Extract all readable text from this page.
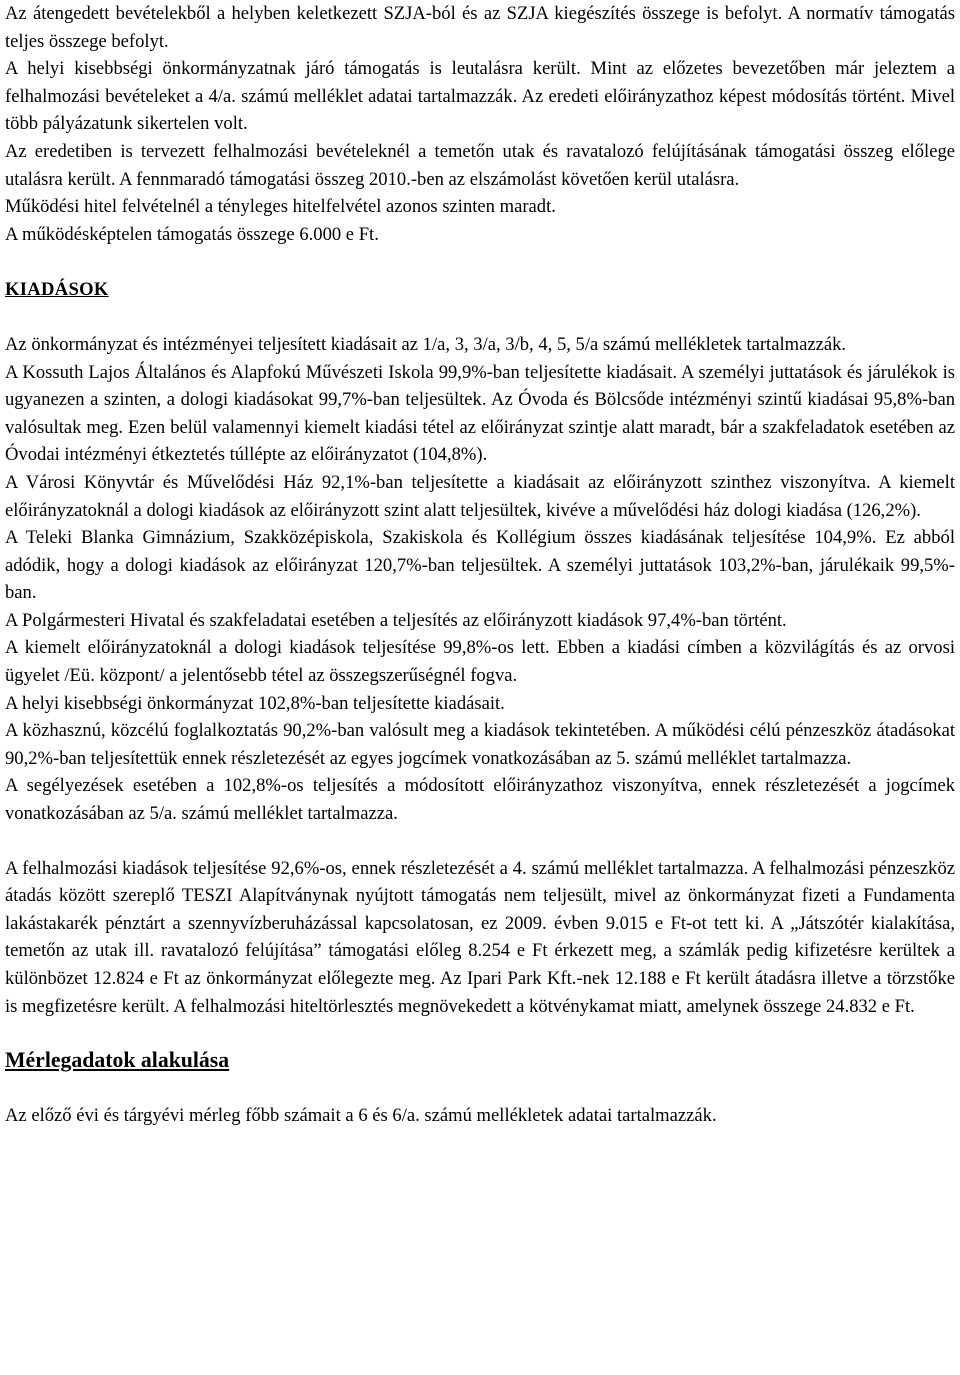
Az átengedett bevételekből a helyben keletkezett SZJA-ból és az SZJA kiegészítés összege is befolyt. A normatív támogatás teljes összege befolyt.

A helyi kisebbségi önkormányzatnak járó támogatás is leutalásra került. Mint az előzetes bevezetőben már jeleztem a felhalmozási bevételeket a 4/a. számú melléklet adatai tartalmazzák. Az eredeti előirányzathoz képest módosítás történt. Mivel több pályázatunk sikertelen volt.

Az eredetiben is tervezett felhalmozási bevételeknél a temetőn utak és ravatalozó felújításának támogatási összeg előlege utalásra került. A fennmaradó támogatási összeg 2010.-ben az elszámolást követően kerül utalásra.

Működési hitel felvételnél a tényleges hitelfelvétel azonos szinten maradt.

A működésképtelen támogatás összege 6.000 e Ft.

KIADÁSOK

Az önkormányzat és intézményei teljesített kiadásait az 1/a, 3, 3/a, 3/b, 4, 5, 5/a számú mellékletek tartalmazzák.

A Kossuth Lajos Általános és Alapfokú Művészeti Iskola 99,9%-ban teljesítette kiadásait. A személyi juttatások és járulékok is ugyanezen a szinten, a dologi kiadásokat 99,7%-ban teljesültek. Az Óvoda és Bölcsőde intézményi szintű kiadásai 95,8%-ban valósultak meg. Ezen belül valamennyi kiemelt kiadási tétel az előirányzat szintje alatt maradt, bár a szakfeladatok esetében az Óvodai intézményi étkeztetés túllépte az előirányzatot (104,8%).

A Városi Könyvtár és Művelődési Ház 92,1%-ban teljesítette a kiadásait az előirányzott szinthez viszonyítva. A kiemelt előirányzatoknál a dologi kiadások az előirányzott szint alatt teljesültek, kivéve a művelődési ház dologi kiadása (126,2%).

A Teleki Blanka Gimnázium, Szakközépiskola, Szakiskola és Kollégium összes kiadásának teljesítése 104,9%. Ez abból adódik, hogy a dologi kiadások az előirányzat 120,7%-ban teljesültek. A személyi juttatások 103,2%-ban, járulékaik 99,5%-ban.

A Polgármesteri Hivatal és szakfeladatai esetében a teljesítés az előirányzott kiadások 97,4%-ban történt.

A kiemelt előirányzatoknál a dologi kiadások teljesítése 99,8%-os lett. Ebben a kiadási címben a közvilágítás és az orvosi ügyelet /Eü. központ/ a jelentősebb tétel az összegszerűségnél fogva.

A helyi kisebbségi önkormányzat 102,8%-ban teljesítette kiadásait.

A közhasznú, közcélú foglalkoztatás 90,2%-ban valósult meg a kiadások tekintetében. A működési célú pénzeszköz átadásokat 90,2%-ban teljesítettük ennek részletezését az egyes jogcímek vonatkozásában az 5. számú melléklet tartalmazza.

A segélyezések esetében a 102,8%-os teljesítés a módosított előirányzathoz viszonyítva, ennek részletezését a jogcímek vonatkozásában az 5/a. számú melléklet tartalmazza.

A felhalmozási kiadások teljesítése 92,6%-os, ennek részletezését a 4. számú melléklet tartalmazza. A felhalmozási pénzeszköz átadás között szereplő TESZI Alapítványnak nyújtott támogatás nem teljesült, mivel az önkormányzat fizeti a Fundamenta lakástakarék pénztárt a szennyvízberuházással kapcsolatosan, ez 2009. évben 9.015 e Ft-ot tett ki. A „Játszótér kialakítása, temetőn az utak ill. ravatalozó felújítása” támogatási előleg 8.254 e Ft érkezett meg, a számlák pedig kifizetésre kerültek a különbözet 12.824 e Ft az önkormányzat előlegezte meg. Az Ipari Park Kft.-nek 12.188 e Ft került átadásra illetve a törzstőke is megfizetésre került. A felhalmozási hiteltörlesztés megnövekedett a kötvénykamat miatt, amelynek összege 24.832 e Ft.

Mérlegadatok alakulása

Az előző évi és tárgyévi mérleg főbb számait a 6 és 6/a. számú mellékletek adatai tartalmazzák.
